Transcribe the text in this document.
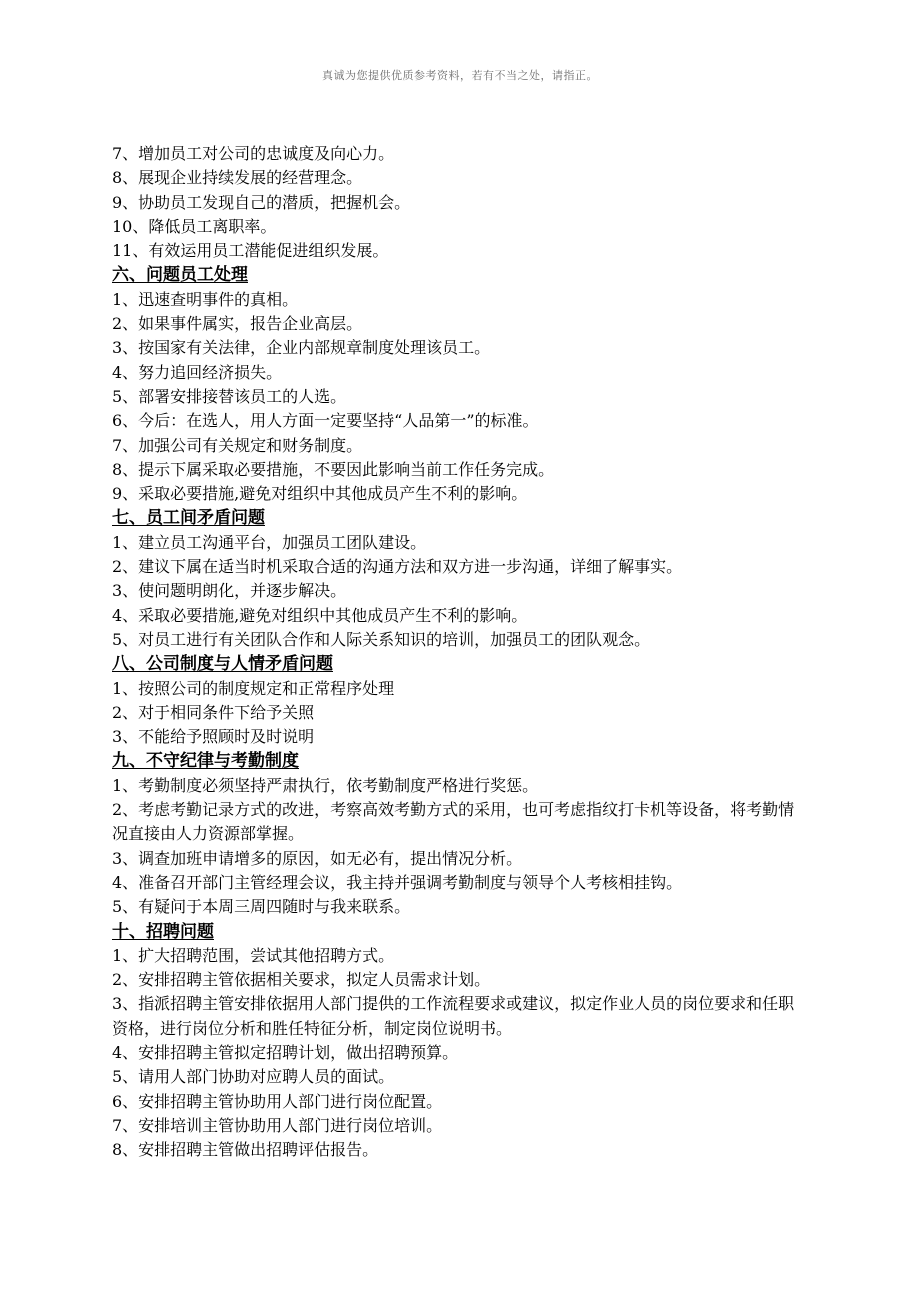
真诚为您提供优质参考资料，若有不当之处，请指正。
7、增加员工对公司的忠诚度及向心力。
8、展现企业持续发展的经营理念。
9、协助员工发现自己的潜质，把握机会。
10、降低员工离职率。
11、有效运用员工潜能促进组织发展。
六、问题员工处理
1、迅速查明事件的真相。
2、如果事件属实，报告企业高层。
3、按国家有关法律，企业内部规章制度处理该员工。
4、努力追回经济损失。
5、部署安排接替该员工的人选。
6、今后：在选人，用人方面一定要坚持“人品第一”的标准。
7、加强公司有关规定和财务制度。
8、提示下属采取必要措施，不要因此影响当前工作任务完成。
9、采取必要措施,避免对组织中其他成员产生不利的影响。
七、员工间矛盾问题
1、建立员工沟通平台，加强员工团队建设。
2、建议下属在适当时机采取合适的沟通方法和双方进一步沟通，详细了解事实。
3、使问题明朗化，并逐步解决。
4、采取必要措施,避免对组织中其他成员产生不利的影响。
5、对员工进行有关团队合作和人际关系知识的培训，加强员工的团队观念。
八、公司制度与人情矛盾问题
1、按照公司的制度规定和正常程序处理
2、对于相同条件下给予关照
3、不能给予照顾时及时说明
九、不守纪律与考勤制度
1、考勤制度必须坚持严肃执行，依考勤制度严格进行奖惩。
2、考虑考勤记录方式的改进，考察高效考勤方式的采用，也可考虑指纹打卡机等设备，将考勤情况直接由人力资源部掌握。
3、调查加班申请增多的原因，如无必有，提出情况分析。
4、准备召开部门主管经理会议，我主持并强调考勤制度与领导个人考核相挂钩。
5、有疑问于本周三周四随时与我来联系。
十、招聘问题
1、扩大招聘范围，尝试其他招聘方式。
2、安排招聘主管依据相关要求，拟定人员需求计划。
3、指派招聘主管安排依据用人部门提供的工作流程要求或建议，拟定作业人员的岗位要求和任职资格，进行岗位分析和胜任特征分析，制定岗位说明书。
4、安排招聘主管拟定招聘计划，做出招聘预算。
5、请用人部门协助对应聘人员的面试。
6、安排招聘主管协助用人部门进行岗位配置。
7、安排培训主管协助用人部门进行岗位培训。
8、安排招聘主管做出招聘评估报告。
